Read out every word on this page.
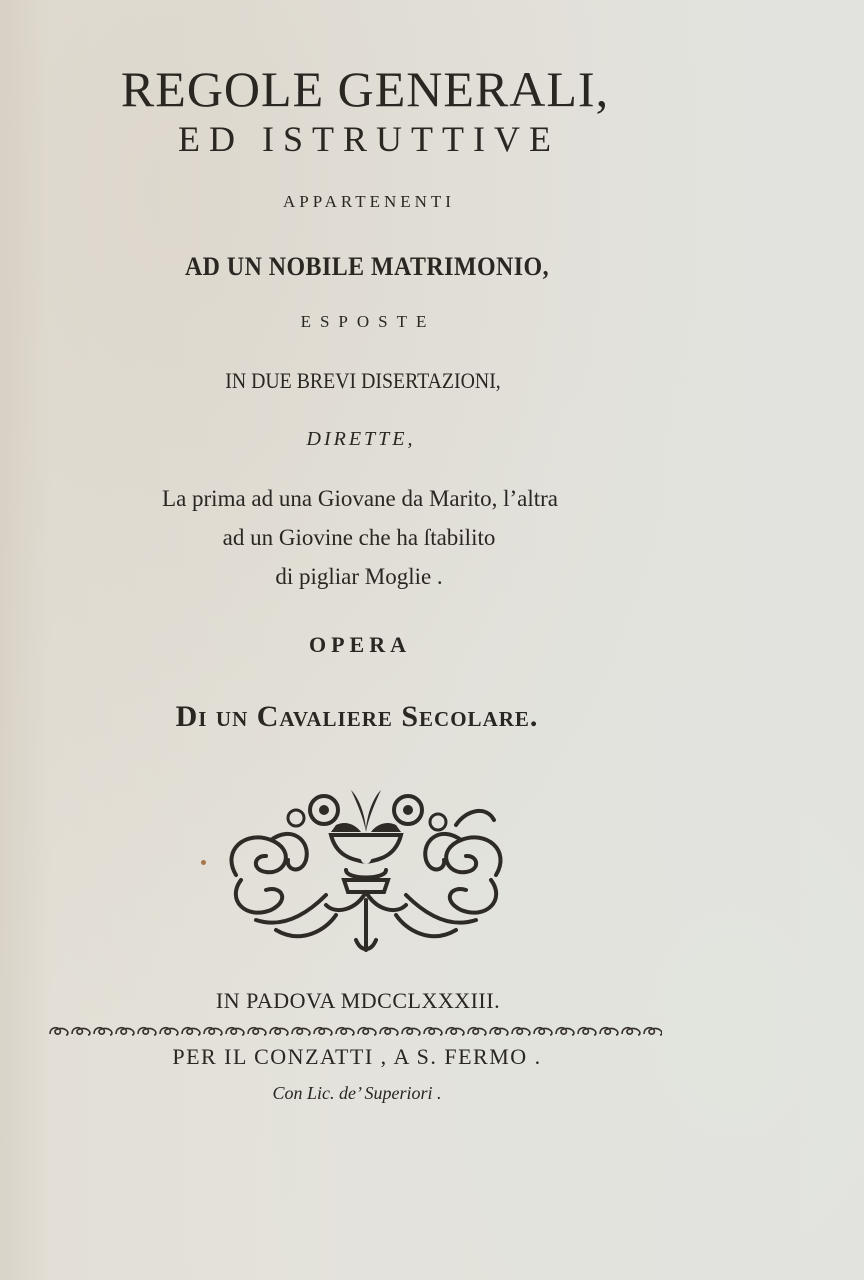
REGOLE GENERALI,
ED ISTRUTTIVE
APPARTENENTI
AD UN NOBILE MATRIMONIO,
ESPOSTE
IN DUE BREVI DISERTAZIONI,
DIRETTE,
La prima ad una Giovane da Marito, l’altra
ad un Giovine che ha ſtabilito
di pigliar Moglie .
OPERA
Di un Cavaliere Secolare.
IN PADOVA MDCCLXXXIII.
PER IL CONZATTI , A S. FERMO .
Con Lic. de’ Superiori .
